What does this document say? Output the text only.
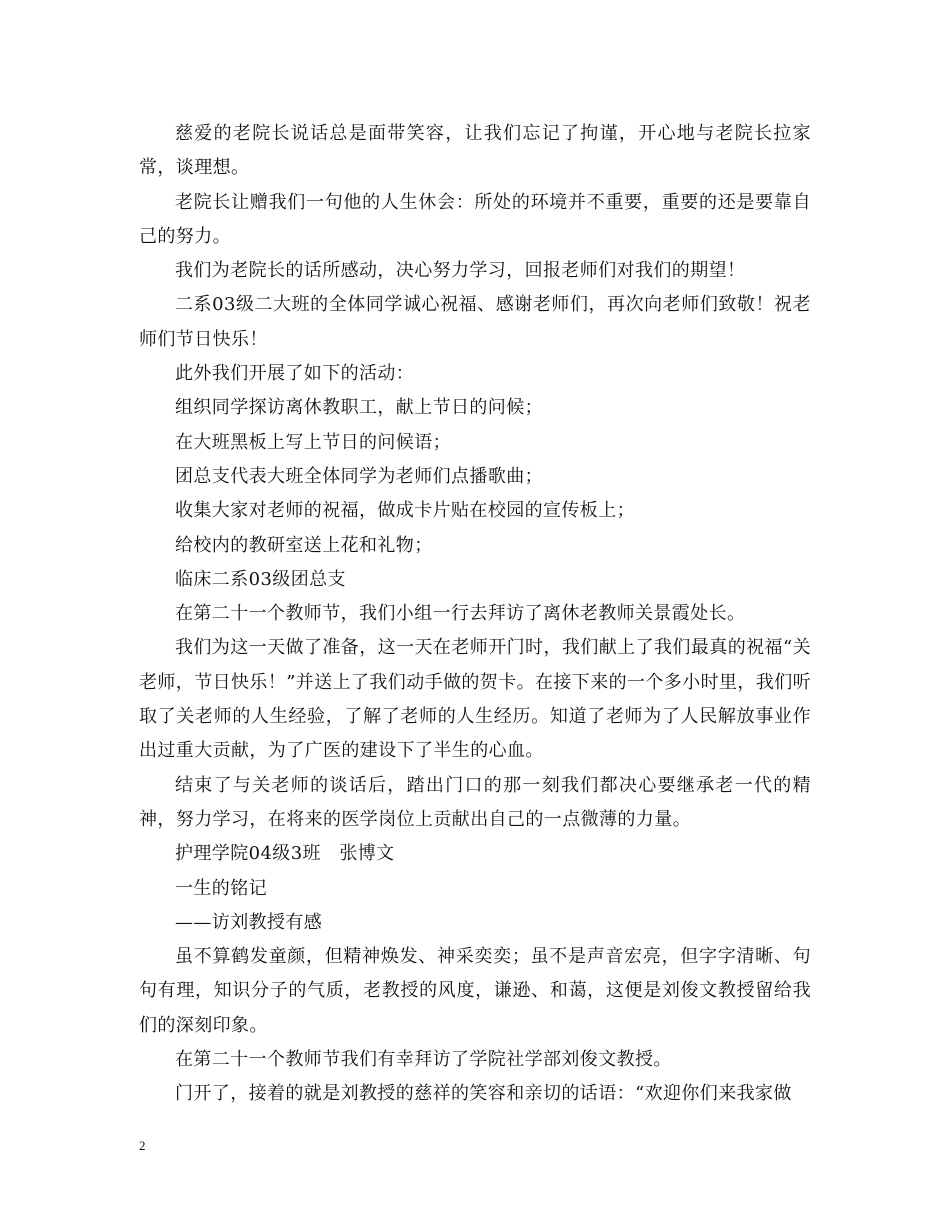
慈爱的老院长说话总是面带笑容，让我们忘记了拘谨，开心地与老院长拉家常，谈理想。

老院长让赠我们一句他的人生休会：所处的环境并不重要，重要的还是要靠自己的努力。

我们为老院长的话所感动，决心努力学习，回报老师们对我们的期望！

二系03级二大班的全体同学诚心祝福、感谢老师们，再次向老师们致敬！祝老师们节日快乐！

此外我们开展了如下的活动：

组织同学探访离休教职工，献上节日的问候；

在大班黑板上写上节日的问候语；

团总支代表大班全体同学为老师们点播歌曲；

收集大家对老师的祝福，做成卡片贴在校园的宣传板上；

给校内的教研室送上花和礼物；

临床二系03级团总支

在第二十一个教师节，我们小组一行去拜访了离休老教师关景霞处长。

我们为这一天做了准备，这一天在老师开门时，我们献上了我们最真的祝福“关老师，节日快乐！”并送上了我们动手做的贺卡。在接下来的一个多小时里，我们听取了关老师的人生经验，了解了老师的人生经历。知道了老师为了人民解放事业作出过重大贡献，为了广医的建设下了半生的心血。

结束了与关老师的谈话后，踏出门口的那一刻我们都决心要继承老一代的精神，努力学习，在将来的医学岗位上贡献出自己的一点微薄的力量。

护理学院04级3班　张博文

一生的铭记

——访刘教授有感

虽不算鹤发童颜，但精神焕发、神采奕奕；虽不是声音宏亮，但字字清晰、句句有理，知识分子的气质，老教授的风度，谦逊、和蔼，这便是刘俊文教授留给我们的深刻印象。

在第二十一个教师节我们有幸拜访了学院社学部刘俊文教授。

门开了，接着的就是刘教授的慈祥的笑容和亲切的话语：“欢迎你们来我家做

2
